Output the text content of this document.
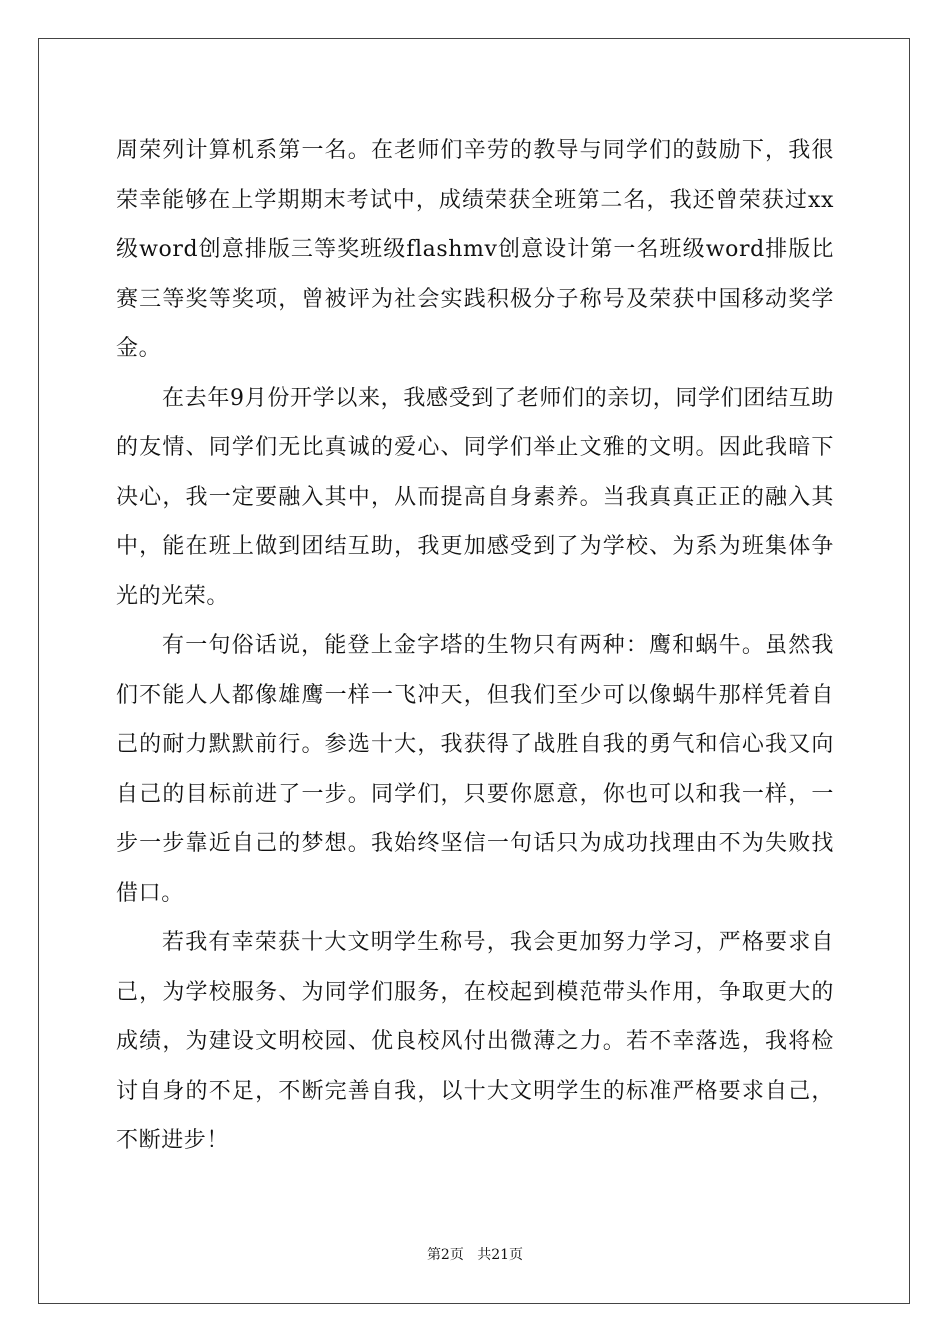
周荣列计算机系第一名。在老师们辛劳的教导与同学们的鼓励下，我很荣幸能够在上学期期末考试中，成绩荣获全班第二名，我还曾荣获过xx级word创意排版三等奖班级flashmv创意设计第一名班级word排版比赛三等奖等奖项，曾被评为社会实践积极分子称号及荣获中国移动奖学金。

在去年9月份开学以来，我感受到了老师们的亲切，同学们团结互助的友情、同学们无比真诚的爱心、同学们举止文雅的文明。因此我暗下决心，我一定要融入其中，从而提高自身素养。当我真真正正的融入其中，能在班上做到团结互助，我更加感受到了为学校、为系为班集体争光的光荣。

有一句俗话说，能登上金字塔的生物只有两种：鹰和蜗牛。虽然我们不能人人都像雄鹰一样一飞冲天，但我们至少可以像蜗牛那样凭着自己的耐力默默前行。参选十大，我获得了战胜自我的勇气和信心我又向自己的目标前进了一步。同学们，只要你愿意，你也可以和我一样，一步一步靠近自己的梦想。我始终坚信一句话只为成功找理由不为失败找借口。

若我有幸荣获十大文明学生称号，我会更加努力学习，严格要求自己，为学校服务、为同学们服务，在校起到模范带头作用，争取更大的成绩，为建设文明校园、优良校风付出微薄之力。若不幸落选，我将检讨自身的不足，不断完善自我，以十大文明学生的标准严格要求自己，不断进步！

第2页 共21页
